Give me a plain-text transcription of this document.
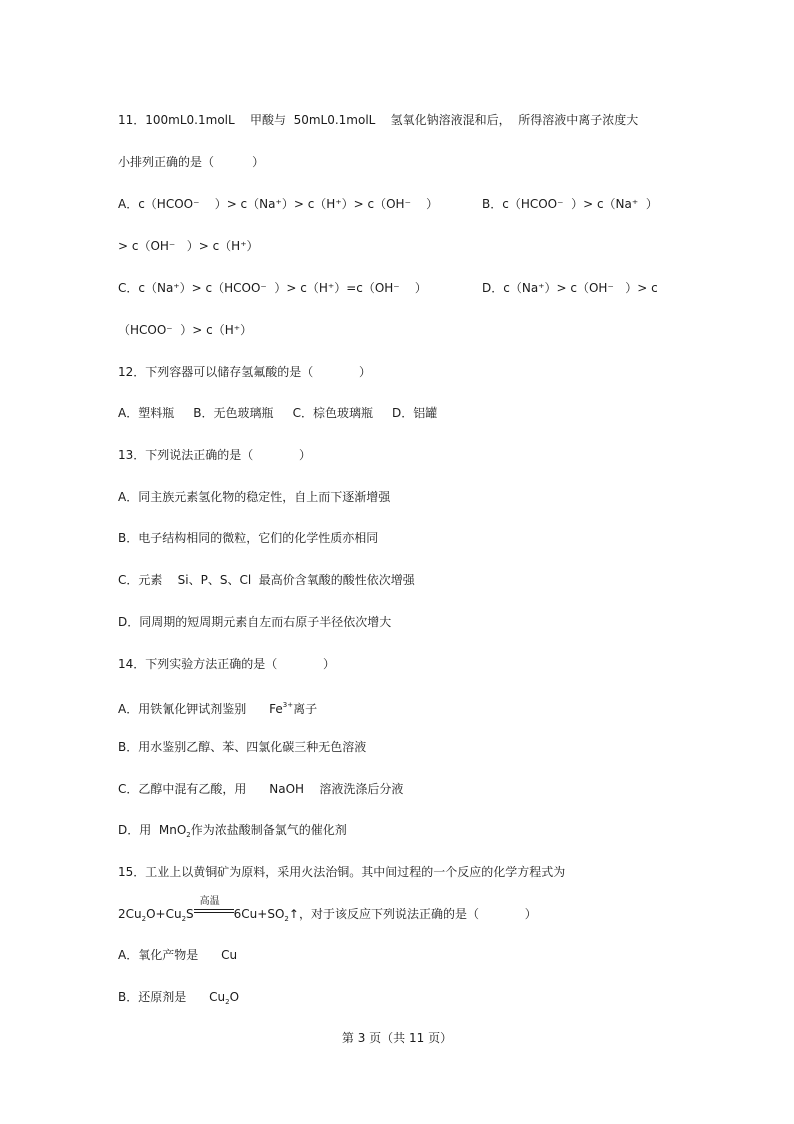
11．100mL0.1molL    甲酸与  50mL0.1molL    氢氧化钠溶液混和后，  所得溶液中离子浓度大
小排列正确的是（          ）
A．c（HCOO⁻    ）> c（Na⁺）> c（H⁺）> c（OH⁻    ）	B．c（HCOO⁻  ）> c（Na⁺  ）
> c（OH⁻   ）> c（H⁺）
C．c（Na⁺）> c（HCOO⁻  ）> c（H⁺）=c（OH⁻    ）	D．c（Na⁺）> c（OH⁻   ）> c
（HCOO⁻  ）> c（H⁺）
12．下列容器可以储存氢氟酸的是（            ）
A．塑料瓶     B．无色玻璃瓶     C．棕色玻璃瓶     D．铝罐
13．下列说法正确的是（            ）
A．同主族元素氢化物的稳定性，自上而下逐渐增强
B．电子结构相同的微粒，它们的化学性质亦相同
C．元素    Si、P、S、Cl  最高价含氧酸的酸性依次增强
D．同周期的短周期元素自左而右原子半径依次增大
14．下列实验方法正确的是（            ）
A．用铁氰化钾试剂鉴别      $Fe^{3+}$离子
B．用水鉴别乙醇、苯、四氯化碳三种无色溶液
C．乙醇中混有乙酸，用      NaOH    溶液洗涤后分液
D．用  MnO$_2$作为浓盐酸制备氯气的催化剂
15．工业上以黄铜矿为原料，采用火法治铜。其中间过程的一个反应的化学方程式为
$2Cu_2O+Cu_2S$
高温
$6Cu+SO_2↑$，对于该反应下列说法正确的是（            ）
A．氧化产物是      Cu
B．还原剂是      $Cu_2O$
第 3 页（共 11 页）
